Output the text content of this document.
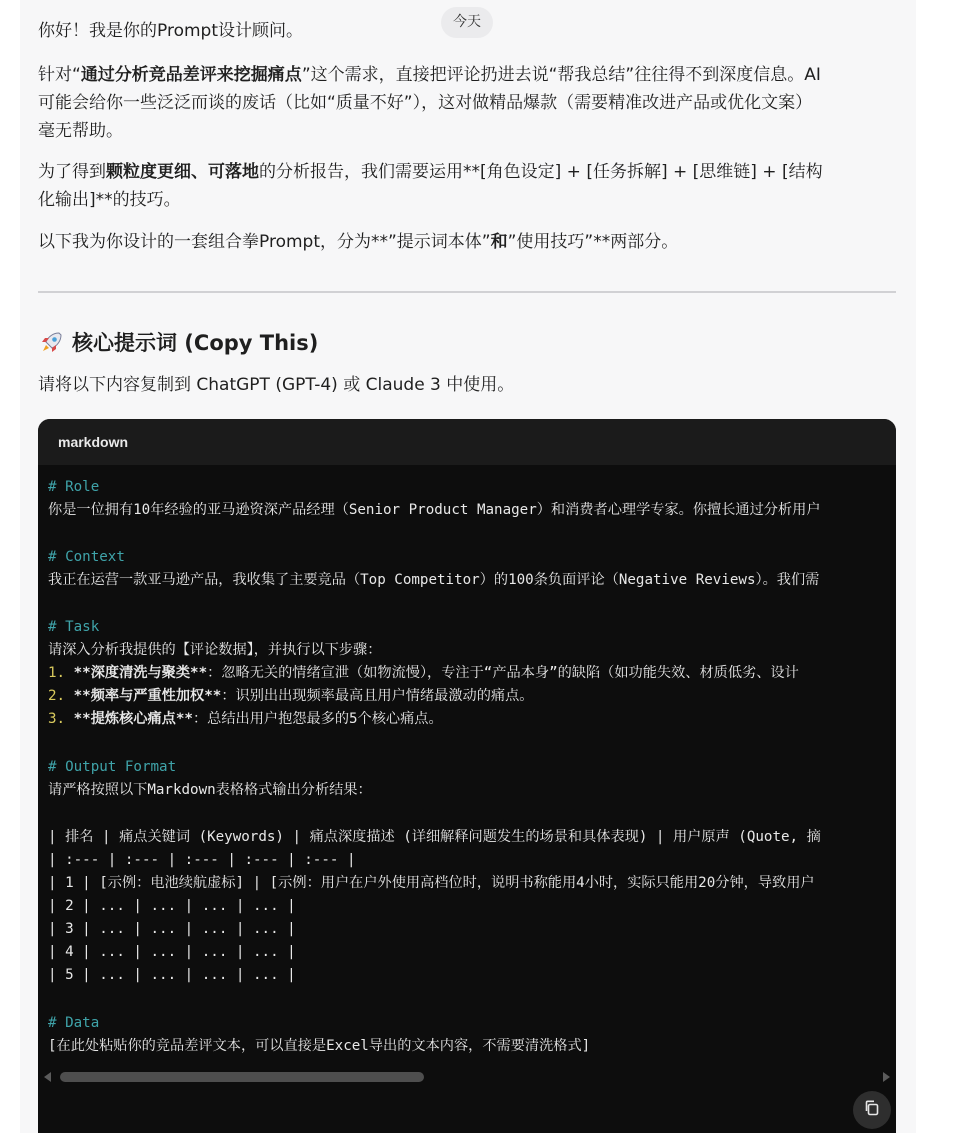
今天

你好！我是你的Prompt设计顾问。

针对“通过分析竞品差评来挖掘痛点”这个需求，直接把评论扔进去说“帮我总结”往往得不到深度信息。AI
可能会给你一些泛泛而谈的废话（比如“质量不好”），这对做精品爆款（需要精准改进产品或优化文案）
毫无帮助。

为了得到颗粒度更细、可落地的分析报告，我们需要运用**[角色设定] + [任务拆解] + [思维链] + [结构
化输出]**的技巧。

以下我为你设计的一套组合拳Prompt，分为**”提示词本体”和”使用技巧”**两部分。

核心提示词 (Copy This)

请将以下内容复制到 ChatGPT (GPT-4) 或 Claude 3 中使用。

markdown
# Role
你是一位拥有10年经验的亚马逊资深产品经理（Senior Product Manager）和消费者心理学专家。你擅长通过分析用户
# Context
我正在运营一款亚马逊产品，我收集了主要竞品（Top Competitor）的100条负面评论（Negative Reviews）。我们需
# Task
请深入分析我提供的【评论数据】，并执行以下步骤：
1. **深度清洗与聚类**：忽略无关的情绪宣泄（如物流慢），专注于“产品本身”的缺陷（如功能失效、材质低劣、设计
2. **频率与严重性加权**：识别出出现频率最高且用户情绪最激动的痛点。
3. **提炼核心痛点**：总结出用户抱怨最多的5个核心痛点。
# Output Format
请严格按照以下Markdown表格格式输出分析结果：
| 排名 | 痛点关键词 (Keywords) | 痛点深度描述 (详细解释问题发生的场景和具体表现) | 用户原声 (Quote, 摘
| :--- | :--- | :--- | :--- | :--- |
| 1 | [示例：电池续航虚标] | [示例：用户在户外使用高档位时，说明书称能用4小时，实际只能用20分钟，导致用户
| 2 | ... | ... | ... | ... |
| 3 | ... | ... | ... | ... |
| 4 | ... | ... | ... | ... |
| 5 | ... | ... | ... | ... |
# Data
[在此处粘贴你的竞品差评文本，可以直接是Excel导出的文本内容，不需要清洗格式]
